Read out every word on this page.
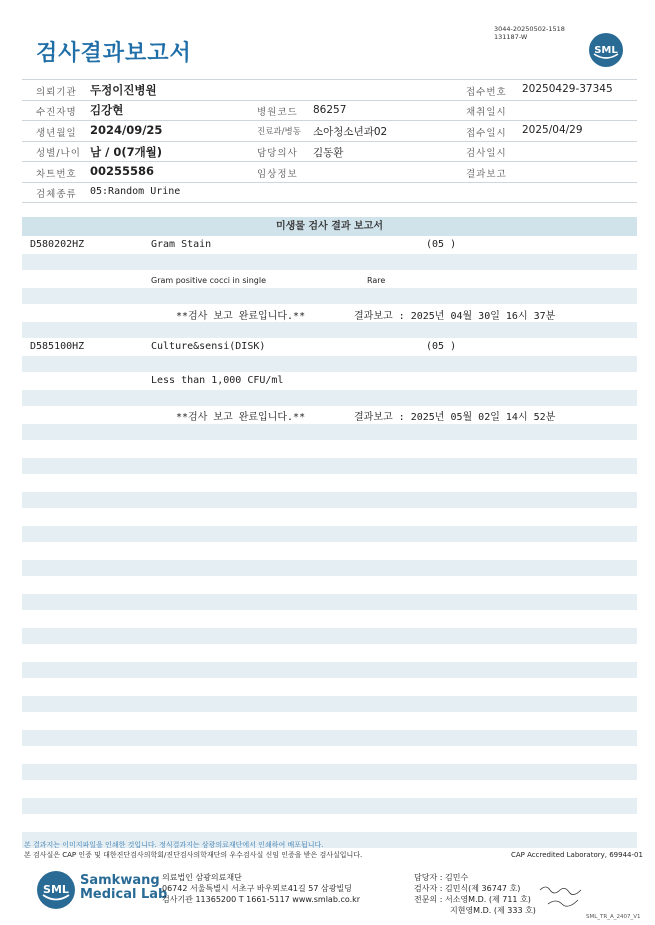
검사결과보고서
3044-20250502-1518
131187-W
SML
의뢰기관 두정이진병원	접수번호 20250429-37345
수진자명 김강현	병원코드 86257	채취일시
생년월일 2024/09/25	진료과/병동 소아청소년과02	접수일시 2025/04/29
성별/나이 남 / 0(7개월)	담당의사 김동환	검사일시
차트번호 00255586	임상정보	결과보고
검체종류 05:Random Urine
미생물 검사 결과 보고서
D580202HZ	Gram Stain	(05 )
Gram positive cocci in single	Rare
**검사 보고 완료입니다.**	결과보고 : 2025년 04월 30일 16시 37분
D585100HZ	Culture&sensi(DISK)	(05 )
Less than 1,000 CFU/ml
**검사 보고 완료입니다.**	결과보고 : 2025년 05월 02일 14시 52분
본 결과지는 이미지파일을 인쇄한 것입니다. 정식결과지는 삼광의료재단에서 인쇄하여 배포됩니다.
본 검사실은 CAP 인증 및 대한진단검사의학회/진단검사의학재단의 우수검사실 신임 인증을 받은 검사실입니다.	CAP Accredited Laboratory, 69944-01
SML
Samkwang
Medical Lab
의료법인 삼광의료재단
06742 서울특별시 서초구 바우뫼로41길 57 삼광빌딩
검사기관 11365200 T 1661-5117 www.smlab.co.kr
담당자 : 김민수
검사자 : 김민식(제 36747 호)
전문의 : 서소영M.D. (제 711 호)
지현영M.D. (제 333 호)
SML_TR_A_2407_V1
